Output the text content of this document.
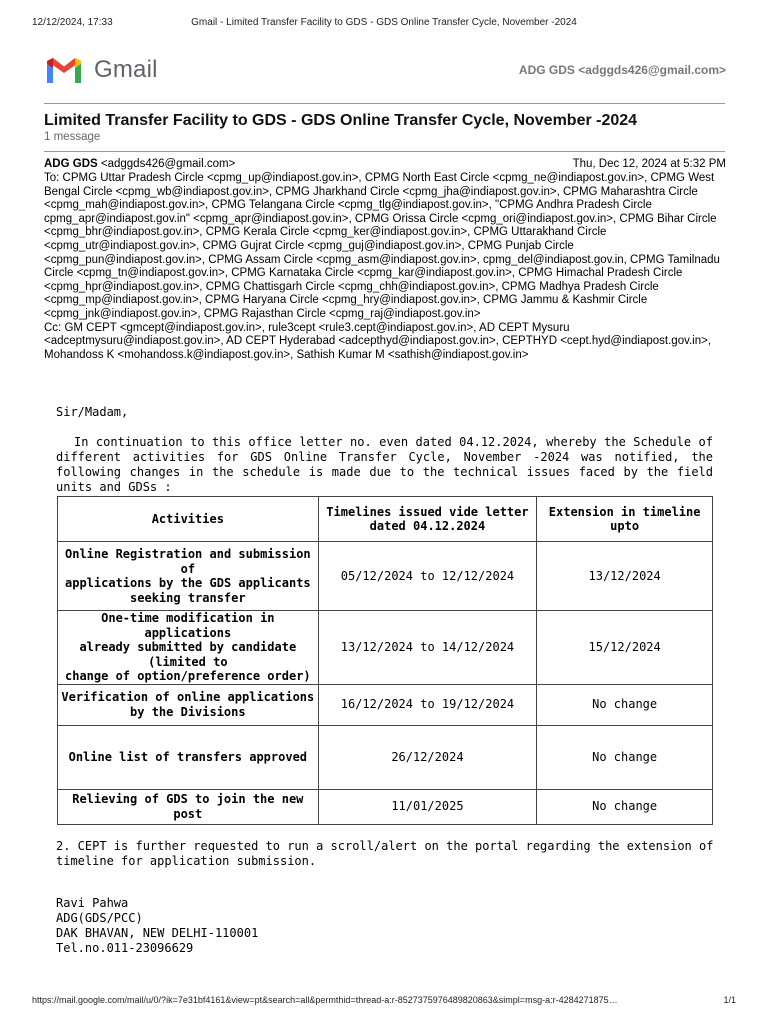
12/12/2024, 17:33	Gmail - Limited Transfer Facility to GDS - GDS Online Transfer Cycle, November -2024
Gmail	ADG GDS <adggds426@gmail.com>
Limited Transfer Facility to GDS - GDS Online Transfer Cycle, November -2024
1 message
ADG GDS <adggds426@gmail.com>	Thu, Dec 12, 2024 at 5:32 PM

To: CPMG Uttar Pradesh Circle <cpmg_up@indiapost.gov.in>, CPMG North East Circle <cpmg_ne@indiapost.gov.in>, CPMG West Bengal Circle <cpmg_wb@indiapost.gov.in>, CPMG Jharkhand Circle <cpmg_jha@indiapost.gov.in>, CPMG Maharashtra Circle <cpmg_mah@indiapost.gov.in>, CPMG Telangana Circle <cpmg_tlg@indiapost.gov.in>, "CPMG Andhra Pradesh Circle cpmg_apr@indiapost.gov.in" <cpmg_apr@indiapost.gov.in>, CPMG Orissa Circle <cpmg_ori@indiapost.gov.in>, CPMG Bihar Circle <cpmg_bhr@indiapost.gov.in>, CPMG Kerala Circle <cpmg_ker@indiapost.gov.in>, CPMG Uttarakhand Circle <cpmg_utr@indiapost.gov.in>, CPMG Gujrat Circle <cpmg_guj@indiapost.gov.in>, CPMG Punjab Circle <cpmg_pun@indiapost.gov.in>, CPMG Assam Circle <cpmg_asm@indiapost.gov.in>, cpmg_del@indiapost.gov.in, CPMG Tamilnadu Circle <cpmg_tn@indiapost.gov.in>, CPMG Karnataka Circle <cpmg_kar@indiapost.gov.in>, CPMG Himachal Pradesh Circle <cpmg_hpr@indiapost.gov.in>, CPMG Chattisgarh Circle <cpmg_chh@indiapost.gov.in>, CPMG Madhya Pradesh Circle <cpmg_mp@indiapost.gov.in>, CPMG Haryana Circle <cpmg_hry@indiapost.gov.in>, CPMG Jammu & Kashmir Circle <cpmg_jnk@indiapost.gov.in>, CPMG Rajasthan Circle <cpmg_raj@indiapost.gov.in>

Cc: GM CEPT <gmcept@indiapost.gov.in>, rule3cept <rule3.cept@indiapost.gov.in>, AD CEPT Mysuru <adceptmysuru@indiapost.gov.in>, AD CEPT Hyderabad <adcepthyd@indiapost.gov.in>, CEPTHYD <cept.hyd@indiapost.gov.in>, Mohandoss K <mohandoss.k@indiapost.gov.in>, Sathish Kumar M <sathish@indiapost.gov.in>

Sir/Madam,

In continuation to this office letter no. even dated 04.12.2024, whereby the Schedule of different activities for GDS Online Transfer Cycle, November -2024 was notified, the following changes in the schedule is made due to the technical issues faced by the field units and GDSs :

Activities	Timelines issued vide letter dated 04.12.2024	Extension in timeline upto
Online Registration and submission of
applications by the GDS applicants seeking transfer	05/12/2024 to 12/12/2024	13/12/2024
One-time modification in applications
already submitted by candidate (limited to
change of option/preference order)	13/12/2024 to 14/12/2024	15/12/2024
Verification of online applications by the Divisions	16/12/2024 to 19/12/2024	No change
Online list of transfers approved	26/12/2024	No change
Relieving of GDS to join the new post	11/01/2025	No change

2. CEPT is further requested to run a scroll/alert on the portal regarding the extension of timeline for application submission.

Ravi Pahwa
ADG(GDS/PCC)
DAK BHAVAN, NEW DELHI-110001
Tel.no.011-23096629
https://mail.google.com/mail/u/0/?ik=7e31bf4161&view=pt&search=all&permthid=thread-a:r-8527375976489820863&simpl=msg-a:r-4284271875…	1/1
